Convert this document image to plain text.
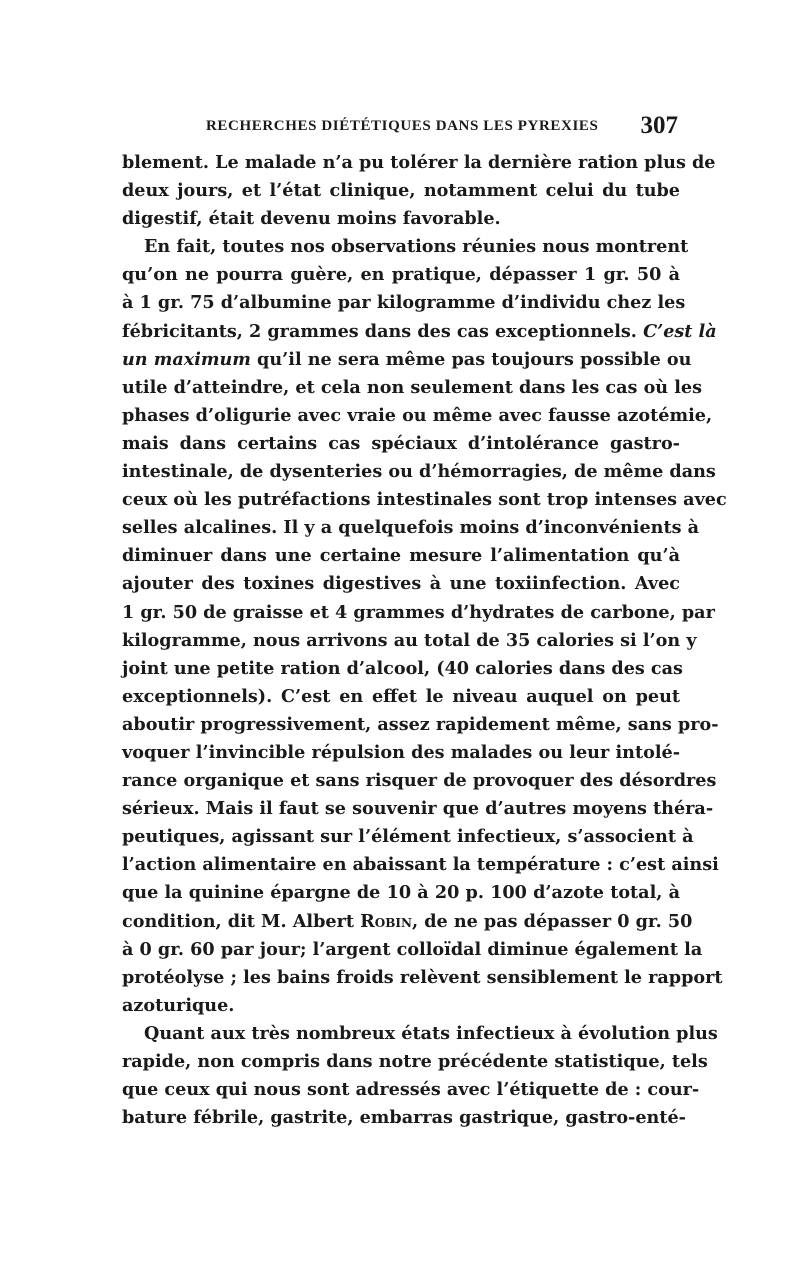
RECHERCHES DIÉTÉTIQUES DANS LES PYREXIES 307
blement. Le malade n’a pu tolérer la dernière ration plus de
deux jours, et l’état clinique, notamment celui du tube
digestif, était devenu moins favorable.
En fait, toutes nos observations réunies nous montrent
qu’on ne pourra guère, en pratique, dépasser 1 gr. 50 à
à 1 gr. 75 d’albumine par kilogramme d’individu chez les
fébricitants, 2 grammes dans des cas exceptionnels. C’est là
un maximum qu’il ne sera même pas toujours possible ou
utile d’atteindre, et cela non seulement dans les cas où les
phases d’oligurie avec vraie ou même avec fausse azotémie,
mais dans certains cas spéciaux d’intolérance gastro-
intestinale, de dysenteries ou d’hémorragies, de même dans
ceux où les putréfactions intestinales sont trop intenses avec
selles alcalines. Il y a quelquefois moins d’inconvénients à
diminuer dans une certaine mesure l’alimentation qu’à
ajouter des toxines digestives à une toxiinfection. Avec
1 gr. 50 de graisse et 4 grammes d’hydrates de carbone, par
kilogramme, nous arrivons au total de 35 calories si l’on y
joint une petite ration d’alcool, (40 calories dans des cas
exceptionnels). C’est en effet le niveau auquel on peut
aboutir progressivement, assez rapidement même, sans pro-
voquer l’invincible répulsion des malades ou leur intolé-
rance organique et sans risquer de provoquer des désordres
sérieux. Mais il faut se souvenir que d’autres moyens théra-
peutiques, agissant sur l’élément infectieux, s’associent à
l’action alimentaire en abaissant la température : c’est ainsi
que la quinine épargne de 10 à 20 p. 100 d’azote total, à
condition, dit M. Albert Robin, de ne pas dépasser 0 gr. 50
à 0 gr. 60 par jour; l’argent colloïdal diminue également la
protéolyse ; les bains froids relèvent sensiblement le rapport
azoturique.
Quant aux très nombreux états infectieux à évolution plus
rapide, non compris dans notre précédente statistique, tels
que ceux qui nous sont adressés avec l’étiquette de : cour-
bature fébrile, gastrite, embarras gastrique, gastro-enté-
